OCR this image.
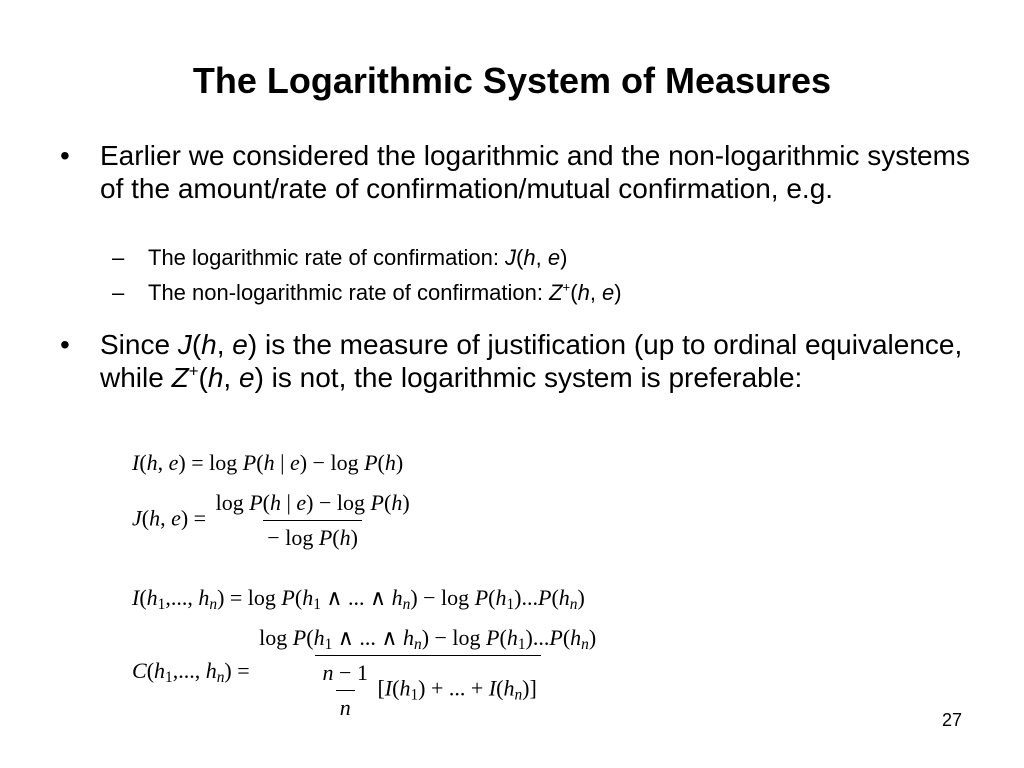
The Logarithmic System of Measures
• Earlier we considered the logarithmic and the non-logarithmic systems of the amount/rate of confirmation/mutual confirmation, e.g.
– The logarithmic rate of confirmation: J(h, e)
– The non-logarithmic rate of confirmation: Z+(h, e)
• Since J(h, e) is the measure of justification (up to ordinal equivalence, while Z+(h, e) is not, the logarithmic system is preferable:
I(h, e) = log P(h | e) − log P(h)
J(h, $e) = \frac{\text{log P(h | e) − log P(h)}}{\text{− log P(h)}}$
I(h1,..., hn) = log P(h1 ∧ ... ∧ hn) − log P(h1)...P(hn)
C(h1,..., $hn) = \frac{\text{log P(h1 ∧ ... ∧ hn) − log P(h1)...P(hn)}}{\frac{n - 1}{n} [I(h1) + ... + I(hn)]}$	27
